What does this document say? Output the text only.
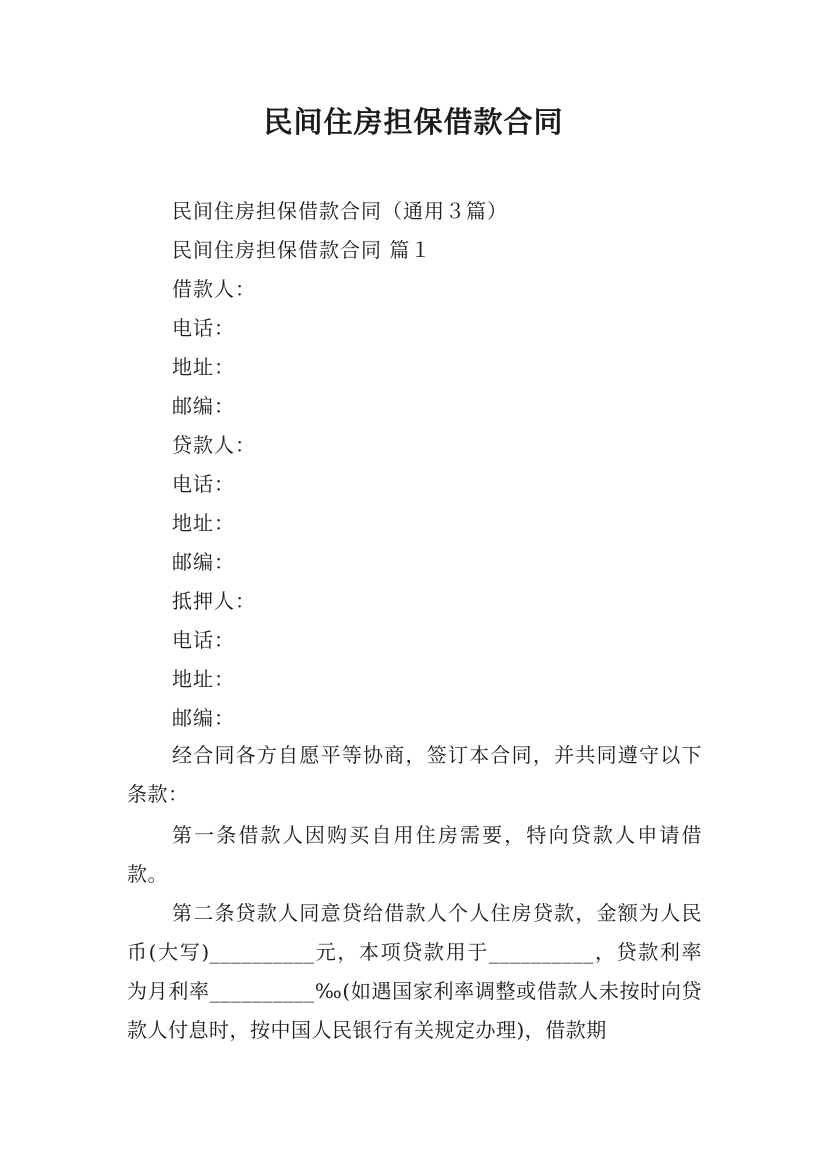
民间住房担保借款合同
民间住房担保借款合同（通用３篇）
民间住房担保借款合同 篇１
借款人：
电话：
地址：
邮编：
贷款人：
电话：
地址：
邮编：
抵押人：
电话：
地址：
邮编：
经合同各方自愿平等协商，签订本合同，并共同遵守以下条款：
第一条借款人因购买自用住房需要，特向贷款人申请借款。
第二条贷款人同意贷给借款人个人住房贷款，金额为人民币(大写)__________元，本项贷款用于__________，贷款利率为月利率__________‰(如遇国家利率调整或借款人未按时向贷款人付息时，按中国人民银行有关规定办理)，借款期
